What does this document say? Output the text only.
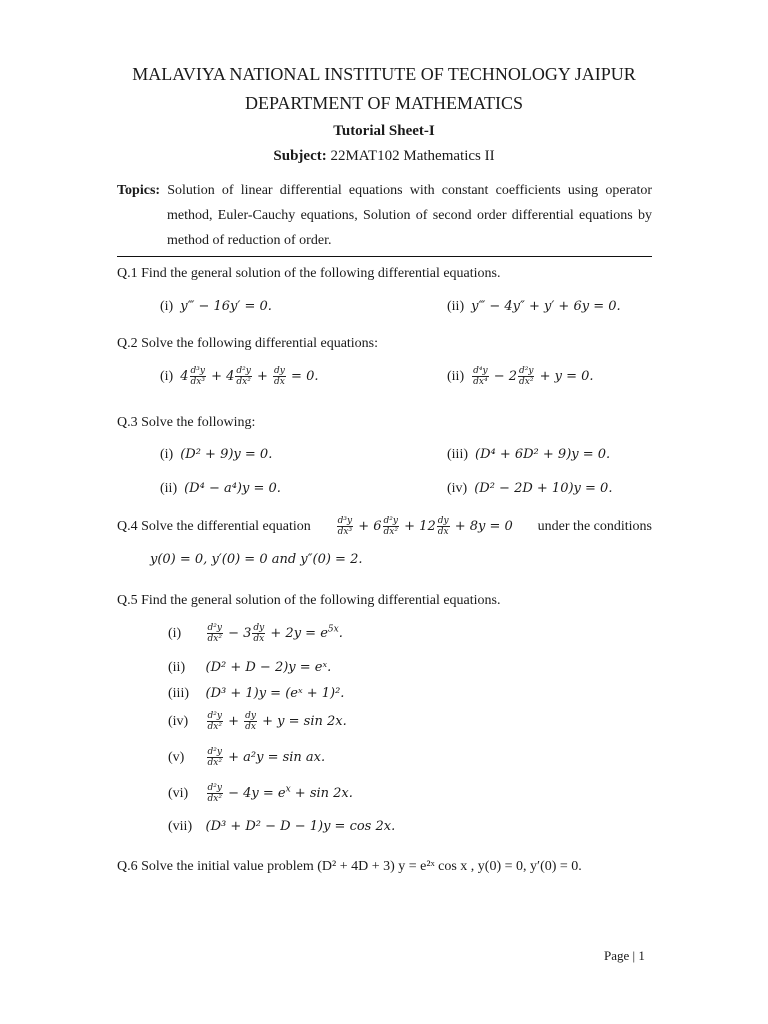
MALAVIYA NATIONAL INSTITUTE OF TECHNOLOGY JAIPUR
DEPARTMENT OF MATHEMATICS
Tutorial Sheet-I
Subject: 22MAT102 Mathematics II
Topics: Solution of linear differential equations with constant coefficients using operator
method, Euler-Cauchy equations, Solution of second order differential equations by
method of reduction of order.
Q.1 Find the general solution of the following differential equations.
(i) y‴ − 16y′ = 0.	(ii) y‴ − 4y″ + y′ + 6y = 0.
Q.2 Solve the following differential equations:
(i) $4 \frac{\text{d³y}}{\text{dx³}} + 4 \frac{\text{d²y}}{\text{dx²}} + \frac{dy}{dx} = 0$.	$(ii) \frac{\text{d⁴y}}{\text{dx⁴}} - 2 \frac{\text{d²y}}{\text{dx²}} + y = 0$.
Q.3 Solve the following:
(i) (D² + 9)y = 0.	(iii) (D⁴ + 6D² + 9)y = 0.
(ii) (D⁴ − a⁴)y = 0.	(iv) (D² − 2D + 10)y = 0.
Q.4 Solve the differential equation	$\frac{\text{d³y}}{\text{dx³}} + 6 \frac{\text{d²y}}{\text{dx²}} + 12 \frac{dy}{dx} + 8y = 0$ under the conditions
y(0) = 0, y′(0) = 0 and y″(0) = 2.
Q.5 Find the general solution of the following differential equations.
(i)	$\frac{\text{d²y}}{\text{dx²}} - 3 \frac{dy}{dx} + 2y = e^{5x}$.
(ii) (D² + D − 2)y = eˣ.
(iii) (D³ + 1)y = (eˣ + 1)².
$(iv) \frac{\text{d²y}}{\text{dx²}} + \frac{dy}{dx} + y = \sin 2x$.
$(v) \frac{\text{d²y}}{\text{dx²}} + a^2y = \sin$ ax.
$(vi) \frac{\text{d²y}}{\text{dx²}} - 4y = e^x + \sin 2x$.
(vii) (D³ + D² − D − 1)y = cos 2x.
Q.6 Solve the initial value problem (D² + 4D + 3) y = e²ˣ cos x , y(0) = 0, y′(0) = 0.
Page | 1
